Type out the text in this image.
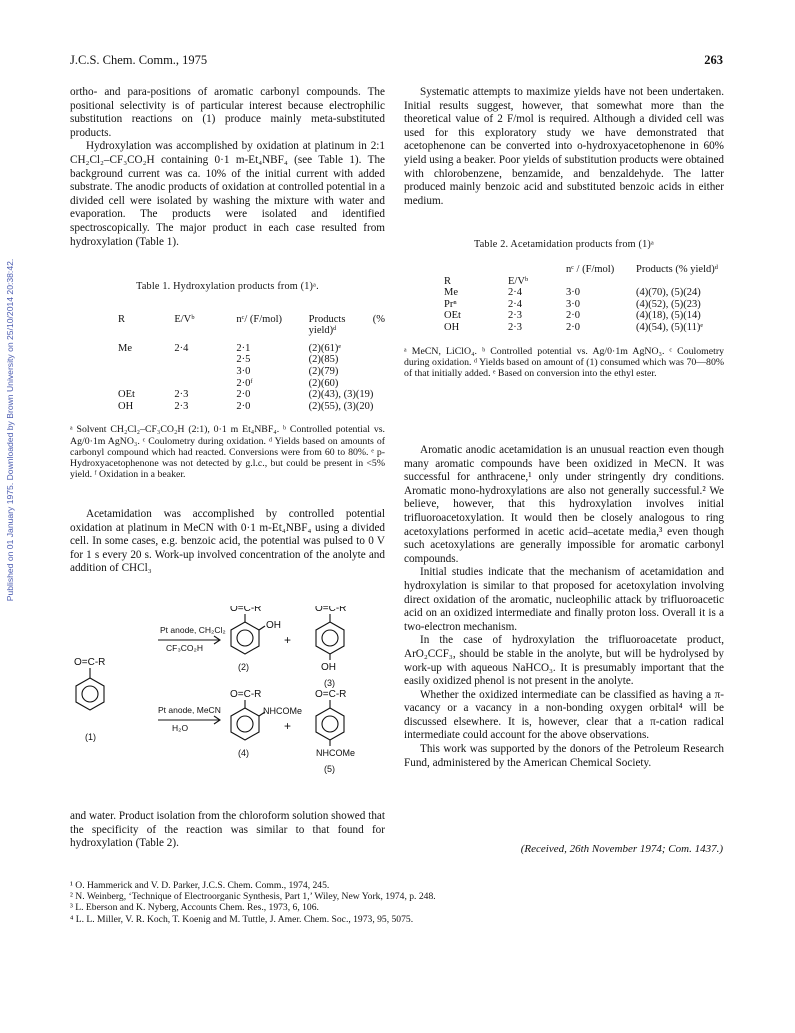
Published on 01 January 1975. Downloaded by Brown University on 25/10/2014 20:38:42.
J.C.S. Chem. Comm., 1975	263

ortho- and para-positions of aromatic carbonyl compounds. The positional selectivity is of particular interest because electrophilic substitution reactions on (1) produce mainly meta-substituted products.

Hydroxylation was accomplished by oxidation at platinum in 2:1 CH₂Cl₂–CF₃CO₂H containing 0·1 m-Et₄NBF₄ (see Table 1). The background current was ca. 10% of the initial current with added substrate. The anodic products of oxidation at controlled potential in a divided cell were isolated by washing the mixture with water and evaporation. The products were isolated and identified spectroscopically. The major product in each case resulted from hydroxylation (Table 1).

Table 1. Hydroxylation products from (1)ᵃ.
R	E/Vᵇ	nᶜ/ (F/mol)	Products (% yield)ᵈ
Me	2·4	2·1	(2)(61)ᵉ
		2·5	(2)(85)
		3·0	(2)(79)
		2·0ᶠ	(2)(60)
OEt	2·3	2·0	(2)(43), (3)(19)
OH	2·3	2·0	(2)(55), (3)(20)
ᵃ Solvent CH₂Cl₂–CF₃CO₂H (2:1), 0·1 m Et₄NBF₄. ᵇ Controlled potential vs. Ag/0·1m AgNO₃. ᶜ Coulometry during oxidation. ᵈ Yields based on amounts of carbonyl compound which had reacted. Conversions were from 60 to 80%. ᵉ p-Hydroxyacetophenone was not detected by g.l.c., but could be present in <5% yield. ᶠ Oxidation in a beaker.

Acetamidation was accomplished by controlled potential oxidation at platinum in MeCN with 0·1 m-Et₄NBF₄ using a divided cell. In some cases, e.g. benzoic acid, the potential was pulsed to 0 V for 1 s every 20 s. Work-up involved concentration of the anolyte and addition of CHCl₃

O=C-R
(1)
Pt anode, CH₂Cl₂
CF₃CO₂H
O=C-R
OH
(2)
+
O=C-R
OH
(3)
Pt anode, MeCN
H₂O
O=C-R
NHCOMe
(4)
+
O=C-R
NHCOMe
(5)

and water. Product isolation from the chloroform solution showed that the specificity of the reaction was similar to that found for hydroxylation (Table 2).

Systematic attempts to maximize yields have not been undertaken. Initial results suggest, however, that somewhat more than the theoretical value of 2 F/mol is required. Although a divided cell was used for this exploratory study we have demonstrated that acetophenone can be converted into o-hydroxyacetophenone in 60% yield using a beaker. Poor yields of substitution products were obtained with chlorobenzene, benzamide, and benzaldehyde. The latter produced mainly benzoic acid and substituted benzoic acids in either medium.

Table 2. Acetamidation products from (1)ᵃ
R	E/Vᵇ	nᶜ / (F/mol)	Products (% yield)ᵈ
Me	2·4	3·0	(4)(70), (5)(24)
Prⁿ	2·4	3·0	(4)(52), (5)(23)
OEt	2·3	2·0	(4)(18), (5)(14)
OH	2·3	2·0	(4)(54), (5)(11)ᵉ
ᵃ MeCN, LiClO₄. ᵇ Controlled potential vs. Ag/0·1m AgNO₃. ᶜ Coulometry during oxidation. ᵈ Yields based on amount of (1) consumed which was 70—80% of that initially added. ᵉ Based on conversion into the ethyl ester.

Aromatic anodic acetamidation is an unusual reaction even though many aromatic compounds have been oxidized in MeCN. It was successful for anthracene,¹ only under stringently dry conditions. Aromatic mono-hydroxylations are also not generally successful.² We believe, however, that this hydroxylation involves initial trifluoroacetoxylation. It would then be closely analogous to ring acetoxylations performed in acetic acid–acetate media,³ even though such acetoxylations are generally impossible for aromatic carbonyl compounds.

Initial studies indicate that the mechanism of acetamidation and hydroxylation is similar to that proposed for acetoxylation involving direct oxidation of the aromatic, nucleophilic attack by trifluoroacetic acid on an oxidized intermediate and finally proton loss. Overall it is a two-electron mechanism.

In the case of hydroxylation the trifluoroacetate product, ArO₂CCF₃, should be stable in the anolyte, but will be hydrolysed by work-up with aqueous NaHCO₃. It is presumably important that the easily oxidized phenol is not present in the anolyte.

Whether the oxidized intermediate can be classified as having a π-vacancy or a vacancy in a non-bonding oxygen orbital⁴ will be discussed elsewhere. It is, however, clear that a π-cation radical intermediate could account for the above observations.

This work was supported by the donors of the Petroleum Research Fund, administered by the American Chemical Society.

(Received, 26th November 1974; Com. 1437.)
¹ O. Hammerick and V. D. Parker, J.C.S. Chem. Comm., 1974, 245.
² N. Weinberg, ‘Technique of Electroorganic Synthesis, Part 1,’ Wiley, New York, 1974, p. 248.
³ L. Eberson and K. Nyberg, Accounts Chem. Res., 1973, 6, 106.
⁴ L. L. Miller, V. R. Koch, T. Koenig and M. Tuttle, J. Amer. Chem. Soc., 1973, 95, 5075.
